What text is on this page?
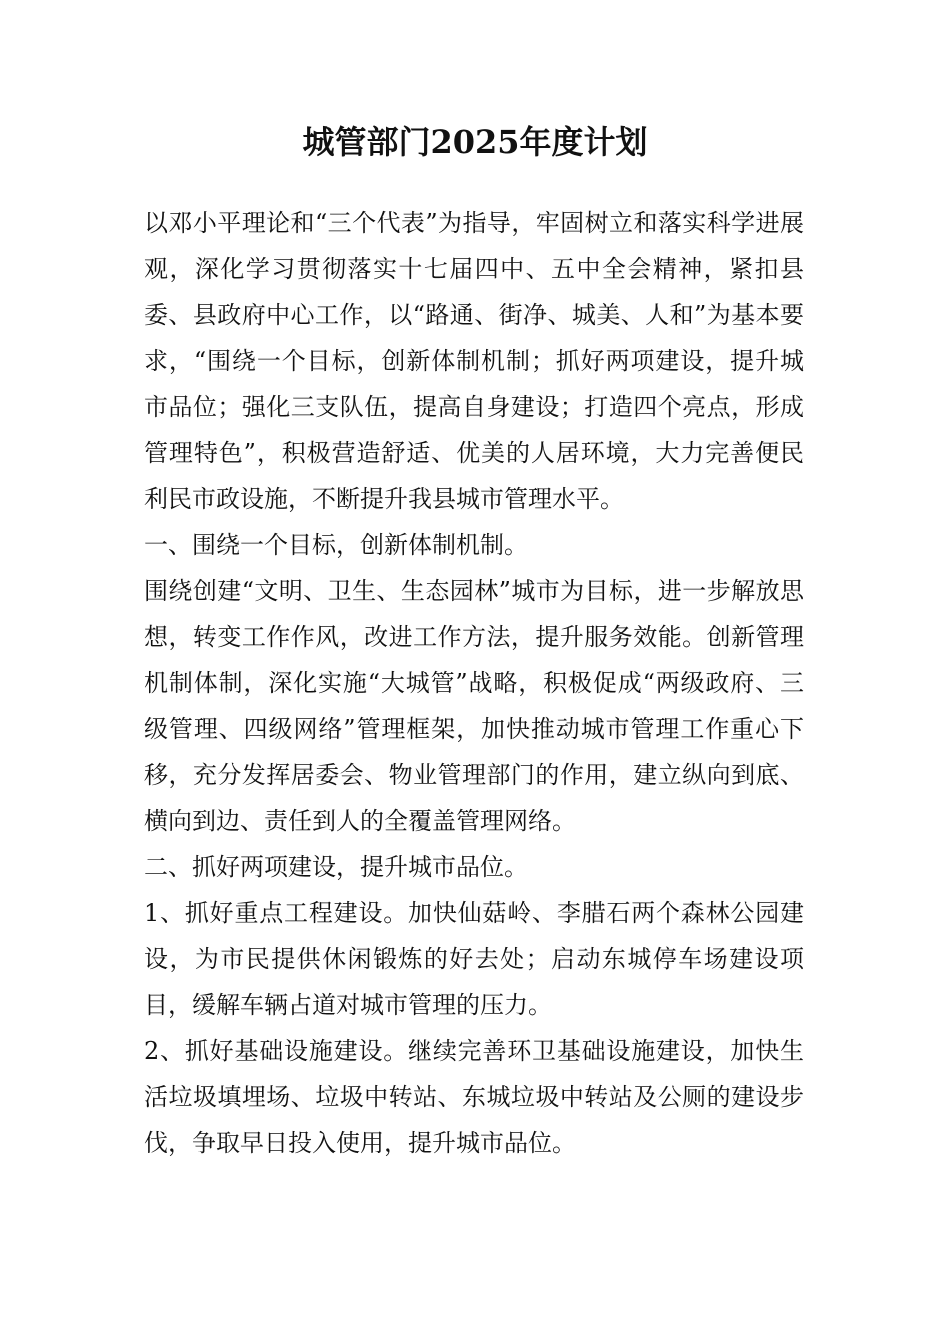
城管部门2025年度计划

以邓小平理论和“三个代表”为指导，牢固树立和落实科学进展观，深化学习贯彻落实十七届四中、五中全会精神，紧扣县委、县政府中心工作，以“路通、街净、城美、人和”为基本要求，“围绕一个目标，创新体制机制；抓好两项建设，提升城市品位；强化三支队伍，提高自身建设；打造四个亮点，形成管理特色”，积极营造舒适、优美的人居环境，大力完善便民利民市政设施，不断提升我县城市管理水平。

一、围绕一个目标，创新体制机制。

围绕创建“文明、卫生、生态园林”城市为目标，进一步解放思想，转变工作作风，改进工作方法，提升服务效能。创新管理机制体制，深化实施“大城管”战略，积极促成“两级政府、三级管理、四级网络”管理框架，加快推动城市管理工作重心下移，充分发挥居委会、物业管理部门的作用，建立纵向到底、横向到边、责任到人的全覆盖管理网络。

二、抓好两项建设，提升城市品位。

1、抓好重点工程建设。加快仙菇岭、李腊石两个森林公园建设，为市民提供休闲锻炼的好去处；启动东城停车场建设项目，缓解车辆占道对城市管理的压力。

2、抓好基础设施建设。继续完善环卫基础设施建设，加快生活垃圾填埋场、垃圾中转站、东城垃圾中转站及公厕的建设步伐，争取早日投入使用，提升城市品位。
